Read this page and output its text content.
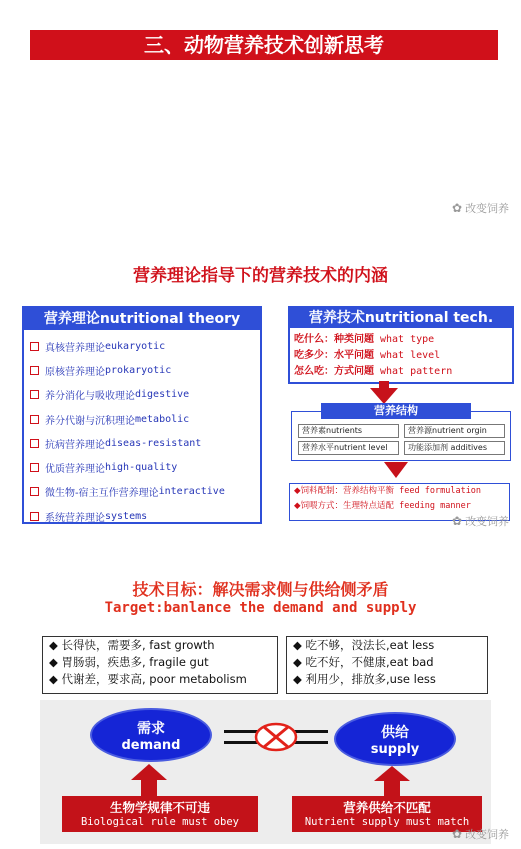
三、动物营养技术创新思考
✿ 改变饲养
营养理论指导下的营养技术的内涵
营养理论nutritional theory
真核营养理论 eukaryotic
原核营养理论 prokaryotic
养分消化与吸收理论 digestive
养分代谢与沉积理论 metabolic
抗病营养理论 diseas-resistant
优质营养理论 high-quality
微生物-宿主互作营养理论 interactive
系统营养理论 systems
营养技术nutritional tech.
吃什么：种类问题 what type
吃多少：水平问题 what level
怎么吃：方式问题 what pattern
营养素nutrients	营养源nutrient orgin
营养水平nutrient level	功能添加剂 additives
营养结构
◆饲料配制：营养结构平衡 feed formulation
◆饲喂方式：生理特点适配 feeding manner
✿ 改变饲养
技术目标：解决需求侧与供给侧矛盾
Target:banlance the demand and supply
◆ 长得快，需要多, fast growth
◆ 胃肠弱，疾患多, fragile gut
◆ 代谢差，要求高, poor metabolism
◆ 吃不够，没法长,eat less
◆ 吃不好，不健康,eat bad
◆ 利用少，排放多,use less
需求
demand
供给
supply
生物学规律不可违
Biological rule must obey
营养供给不匹配
Nutrient supply must match
✿ 改变饲养
